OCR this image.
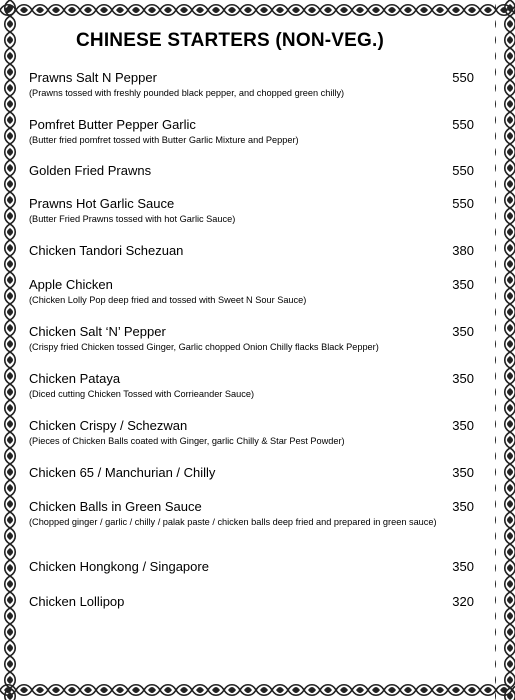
CHINESE STARTERS (NON-VEG.)
Prawns Salt N Pepper	550
(Prawns tossed with freshly pounded black pepper, and chopped green chilly)
Pomfret Butter Pepper Garlic	550
(Butter fried pomfret tossed with Butter Garlic Mixture and Pepper)
Golden Fried Prawns	550
Prawns Hot Garlic Sauce	550
(Butter Fried Prawns tossed with hot Garlic Sauce)
Chicken Tandori Schezuan	380
Apple Chicken	350
(Chicken Lolly Pop deep fried and tossed with Sweet N Sour Sauce)
Chicken Salt ‘N’ Pepper	350
(Crispy fried Chicken tossed Ginger, Garlic chopped Onion Chilly flacks Black Pepper)
Chicken Pataya	350
(Diced cutting Chicken Tossed with Corrieander Sauce)
Chicken Crispy / Schezwan	350
(Pieces of Chicken Balls coated with Ginger, garlic Chilly & Star Pest Powder)
Chicken 65 / Manchurian / Chilly	350
Chicken Balls in Green Sauce	350
(Chopped ginger / garlic / chilly / palak paste / chicken balls deep fried and prepared in green sauce)
Chicken Hongkong / Singapore	350
Chicken Lollipop	320
